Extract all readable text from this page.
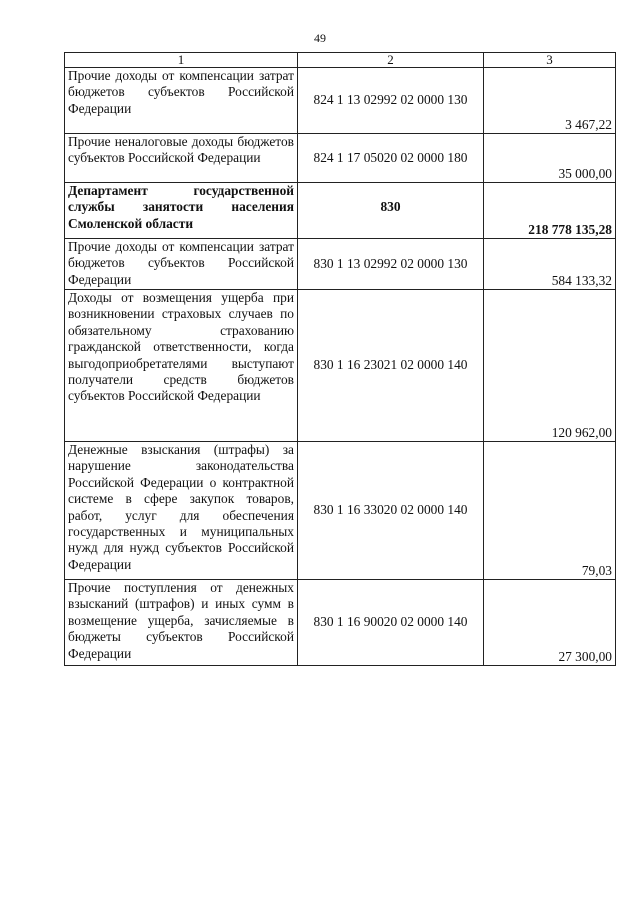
49
1	2	3
Прочие доходы от компенсации затрат бюджетов субъектов Российской Федерации	824 1 13 02992 02 0000 130	3 467,22
Прочие неналоговые доходы бюджетов субъектов Российской Федерации	824 1 17 05020 02 0000 180	35 000,00
Департамент государственной службы занятости населения Смоленской области	830	218 778 135,28
Прочие доходы от компенсации затрат бюджетов субъектов Российской Федерации	830 1 13 02992 02 0000 130	584 133,32
Доходы от возмещения ущерба при возникновении страховых случаев по обязательному страхованию гражданской ответственности, когда выгодоприобретателями выступают получатели средств бюджетов субъектов Российской Федерации	830 1 16 23021 02 0000 140	120 962,00
Денежные взыскания (штрафы) за нарушение законодательства Российской Федерации о контрактной системе в сфере закупок товаров, работ, услуг для обеспечения государственных и муниципальных нужд для нужд субъектов Российской Федерации	830 1 16 33020 02 0000 140	79,03
Прочие поступления от денежных взысканий (штрафов) и иных сумм в возмещение ущерба, зачисляемые в бюджеты субъектов Российской Федерации	830 1 16 90020 02 0000 140	27 300,00
